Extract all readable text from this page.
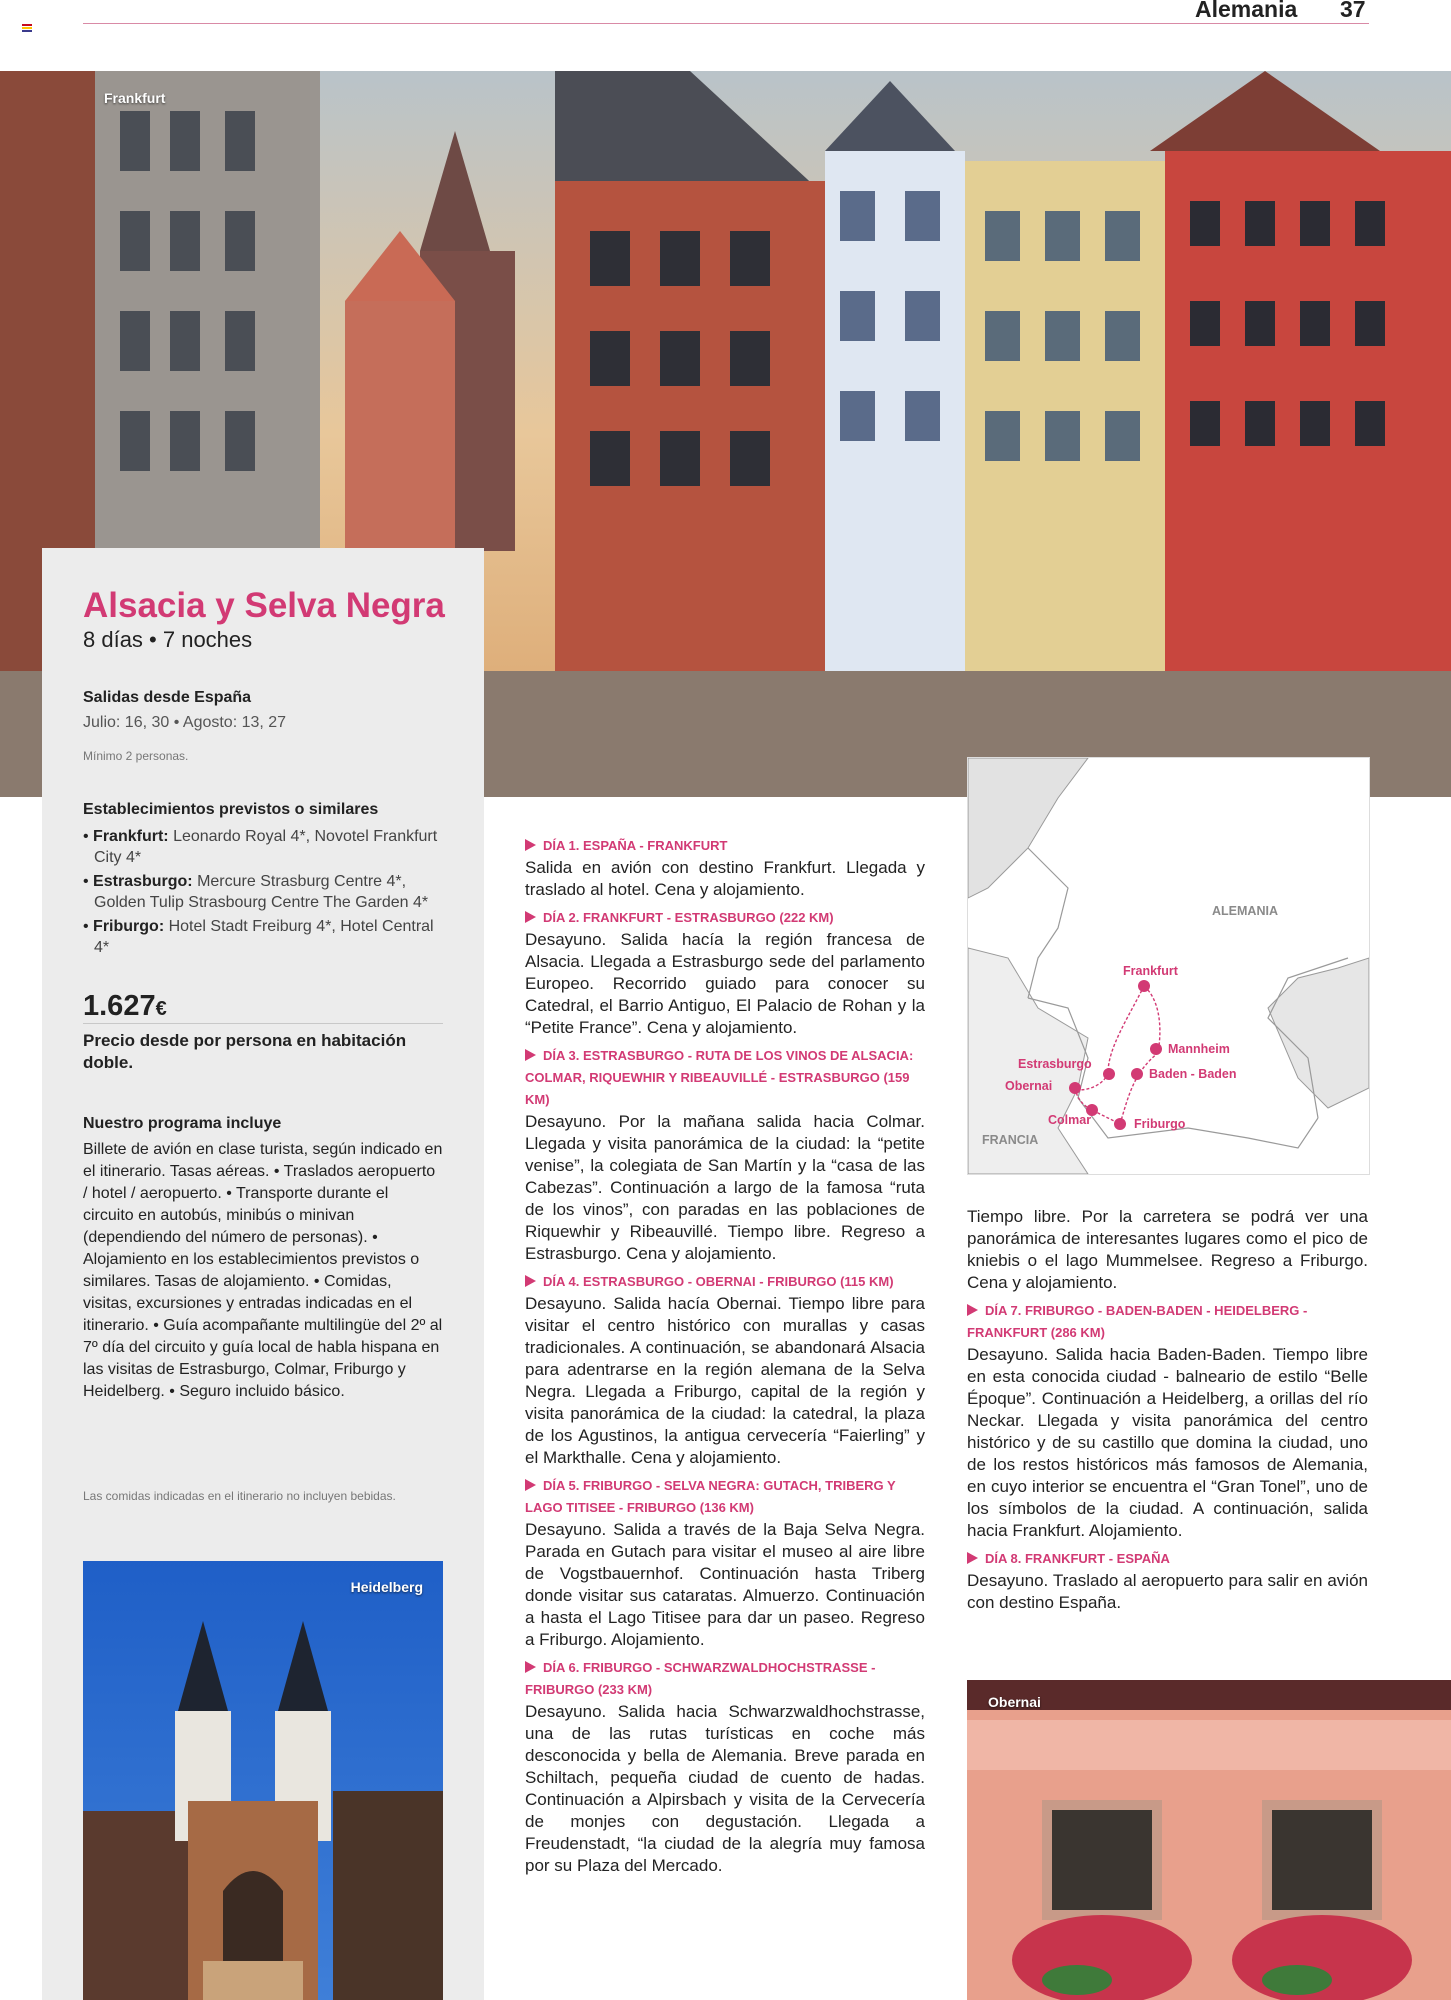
Alemania 37
Frankfurt
Alsacia y Selva Negra
8 días • 7 noches
Salidas desde España
Julio: 16, 30 • Agosto: 13, 27
Mínimo 2 personas.
Establecimientos previstos o similares
• Frankfurt: Leonardo Royal 4*, Novotel Frankfurt City 4*
• Estrasburgo: Mercure Strasburg Centre 4*, Golden Tulip Strasbourg Centre The Garden 4*
• Friburgo: Hotel Stadt Freiburg 4*, Hotel Central 4*
1.627€
Precio desde por persona en habitación doble.
Nuestro programa incluye
Billete de avión en clase turista, según indicado en el itinerario. Tasas aéreas. • Traslados aeropuerto / hotel / aeropuerto. • Transporte durante el circuito en autobús, minibús o minivan (dependiendo del número de personas). • Alojamiento en los establecimientos previstos o similares. Tasas de alojamiento. • Comidas, visitas, excursiones y entradas indicadas en el itinerario. • Guía acompañante multilingüe del 2º al 7º día del circuito y guía local de habla hispana en las visitas de Estrasburgo, Colmar, Friburgo y Heidelberg. • Seguro incluido básico.
Las comidas indicadas en el itinerario no incluyen bebidas.
Heidelberg
DÍA 1. ESPAÑA - FRANKFURT
Salida en avión con destino Frankfurt. Llegada y traslado al hotel. Cena y alojamiento.
DÍA 2. FRANKFURT - ESTRASBURGO (222 KM)
Desayuno. Salida hacía la región francesa de Alsacia. Llegada a Estrasburgo sede del parlamento Europeo. Recorrido guiado para conocer su Catedral, el Barrio Antiguo, El Palacio de Rohan y la “Petite France”. Cena y alojamiento.
DÍA 3. ESTRASBURGO - RUTA DE LOS VINOS DE ALSACIA: COLMAR, RIQUEWHIR Y RIBEAUVILLÉ - ESTRASBURGO (159 KM)
Desayuno. Por la mañana salida hacia Colmar. Llegada y visita panorámica de la ciudad: la “petite venise”, la colegiata de San Martín y la “casa de las Cabezas”. Continuación a largo de la famosa “ruta de los vinos”, con paradas en las poblaciones de Riquewhir y Ribeauvillé. Tiempo libre. Regreso a Estrasburgo. Cena y alojamiento.
DÍA 4. ESTRASBURGO - OBERNAI - FRIBURGO (115 KM)
Desayuno. Salida hacía Obernai. Tiempo libre para visitar el centro histórico con murallas y casas tradicionales. A continuación, se abandonará Alsacia para adentrarse en la región alemana de la Selva Negra. Llegada a Friburgo, capital de la región y visita panorámica de la ciudad: la catedral, la plaza de los Agustinos, la antigua cervecería “Faierling” y el Markthalle. Cena y alojamiento.
DÍA 5. FRIBURGO - SELVA NEGRA: GUTACH, TRIBERG Y LAGO TITISEE - FRIBURGO (136 KM)
Desayuno. Salida a través de la Baja Selva Negra. Parada en Gutach para visitar el museo al aire libre de Vogstbauernhof. Continuación hasta Triberg donde visitar sus cataratas. Almuerzo. Continuación a hasta el Lago Titisee para dar un paseo. Regreso a Friburgo. Alojamiento.
DÍA 6. FRIBURGO - SCHWARZWALDHOCHSTRASSE - FRIBURGO (233 KM)
Desayuno. Salida hacia Schwarzwaldhochstrasse, una de las rutas turísticas en coche más desconocida y bella de Alemania. Breve parada en Schiltach, pequeña ciudad de cuento de hadas. Continuación a Alpirsbach y visita de la Cervecería de monjes con degustación. Llegada a Freudenstadt, “la ciudad de la alegría muy famosa por su Plaza del Mercado.
Frankfurt
Mannheim
Baden - Baden
Estrasburgo
Obernai
Colmar	Friburgo
ALEMANIA
FRANCIA
Tiempo libre. Por la carretera se podrá ver una panorámica de interesantes lugares como el pico de kniebis o el lago Mummelsee. Regreso a Friburgo. Cena y alojamiento.
DÍA 7. FRIBURGO - BADEN-BADEN - HEIDELBERG - FRANKFURT (286 KM)
Desayuno. Salida hacia Baden-Baden. Tiempo libre en esta conocida ciudad - balneario de estilo “Belle Époque”. Continuación a Heidelberg, a orillas del río Neckar. Llegada y visita panorámica del centro histórico y de su castillo que domina la ciudad, uno de los restos históricos más famosos de Alemania, en cuyo interior se encuentra el “Gran Tonel”, uno de los símbolos de la ciudad. A continuación, salida hacia Frankfurt. Alojamiento.
DÍA 8. FRANKFURT - ESPAÑA
Desayuno. Traslado al aeropuerto para salir en avión con destino España.
Obernai
